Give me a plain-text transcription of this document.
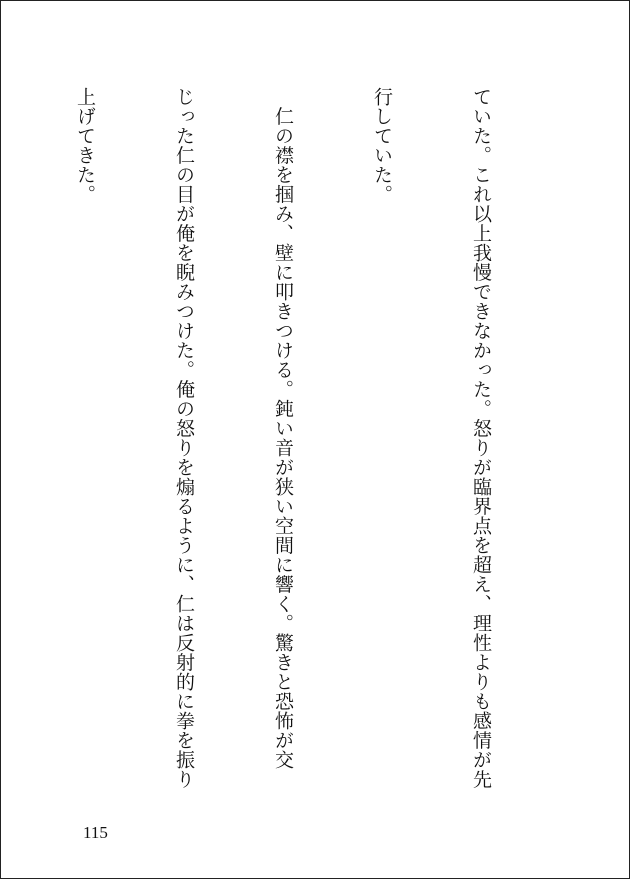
ていた。これ以上我慢できなかった。怒りが臨界点を超え、理性よりも感情が先

行していた。

　仁の襟を掴み、壁に叩きつける。鈍い音が狭い空間に響く。驚きと恐怖が交

じった仁の目が俺を睨みつけた。俺の怒りを煽るように、仁は反射的に拳を振り

上げてきた。

115
